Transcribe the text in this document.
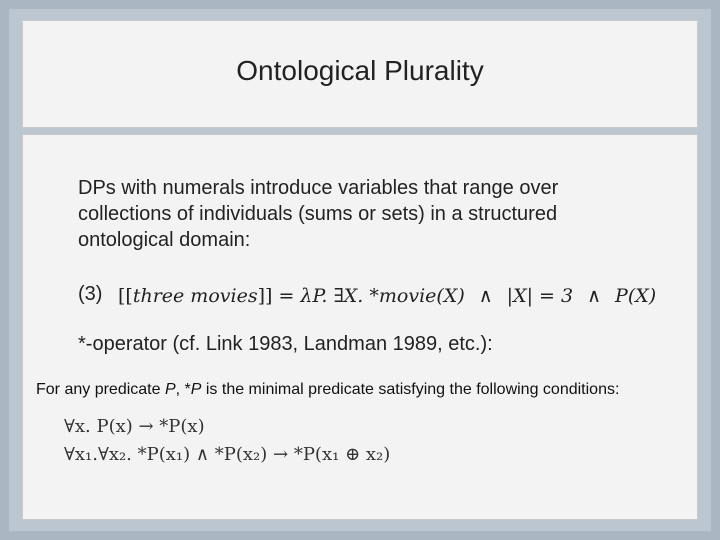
Ontological Plurality
DPs with numerals introduce variables that range over collections of individuals (sums or sets) in a structured ontological domain:
(3) [[three movies]] = λP. ∃X. *movie(X) ∧ |X| = 3 ∧ P(X)
*-operator (cf. Link 1983, Landman 1989, etc.):
For any predicate P, *P is the minimal predicate satisfying the following conditions:
∀x. P(x) → *P(x)
∀x₁.∀x₂. *P(x₁) ∧ *P(x₂) → *P(x₁ ⊕ x₂)
